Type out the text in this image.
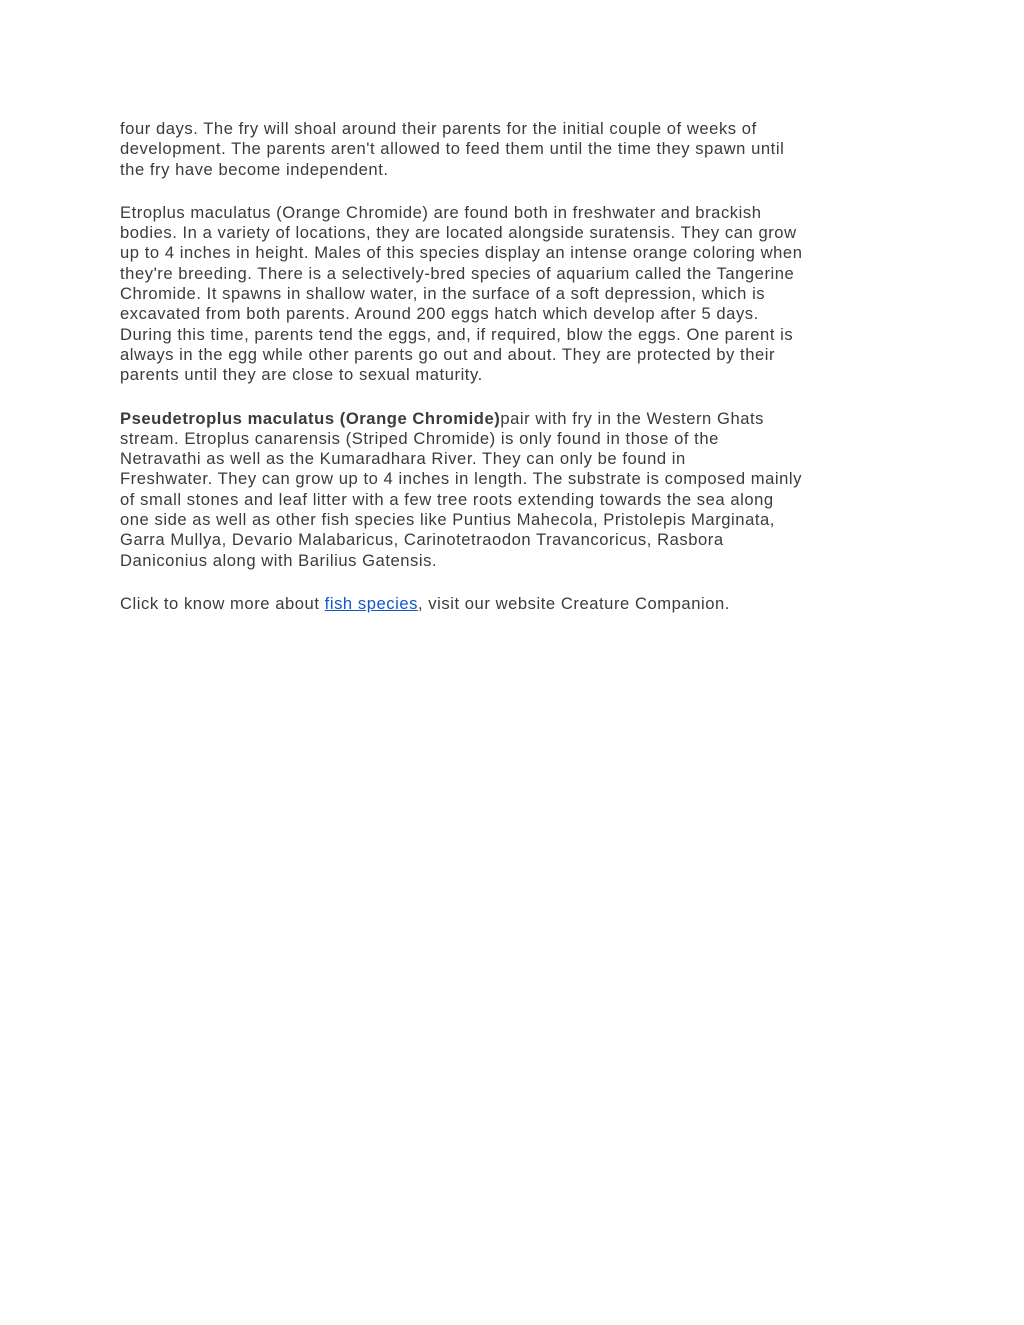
four days. The fry will shoal around their parents for the initial couple of weeks of
development. The parents aren't allowed to feed them until the time they spawn until
the fry have become independent.

Etroplus maculatus (Orange Chromide) are found both in freshwater and brackish
bodies. In a variety of locations, they are located alongside suratensis. They can grow
up to 4 inches in height. Males of this species display an intense orange coloring when
they're breeding. There is a selectively-bred species of aquarium called the Tangerine
Chromide. It spawns in shallow water, in the surface of a soft depression, which is
excavated from both parents. Around 200 eggs hatch which develop after 5 days.
During this time, parents tend the eggs, and, if required, blow the eggs. One parent is
always in the egg while other parents go out and about. They are protected by their
parents until they are close to sexual maturity.

Pseudetroplus maculatus (Orange Chromide)pair with fry in the Western Ghats
stream. Etroplus canarensis (Striped Chromide) is only found in those of the
Netravathi as well as the Kumaradhara River. They can only be found in
Freshwater. They can grow up to 4 inches in length. The substrate is composed mainly
of small stones and leaf litter with a few tree roots extending towards the sea along
one side as well as other fish species like Puntius Mahecola, Pristolepis Marginata,
Garra Mullya, Devario Malabaricus, Carinotetraodon Travancoricus, Rasbora
Daniconius along with Barilius Gatensis.

Click to know more about fish species, visit our website Creature Companion.
